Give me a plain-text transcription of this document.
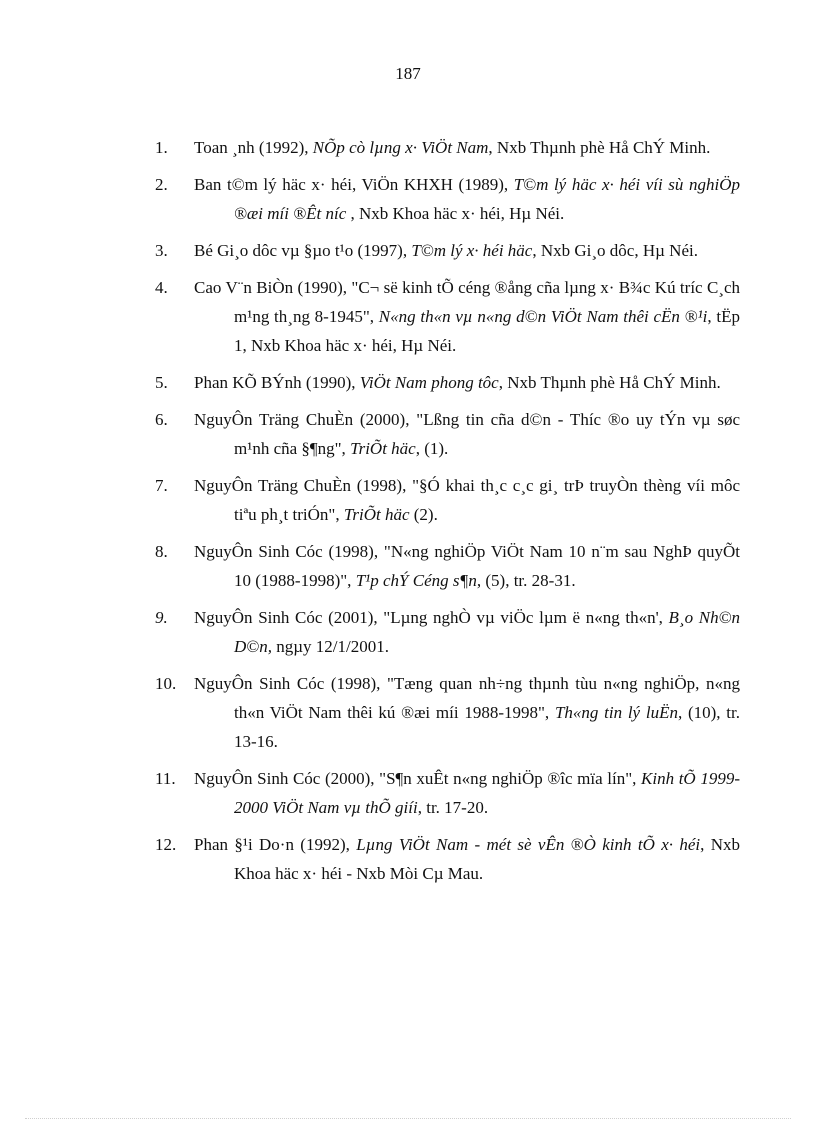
187
1. Toan ¸nh (1992), NÕp cò lµng x· ViÖt Nam, Nxb Thµnh phè Hå ChÝ Minh.
2. Ban t©m lý häc x· héi, ViÖn KHXH (1989), T©m lý häc x· héi víi sù nghiÖp ®æi míi ®Êt níc , Nxb Khoa häc x· héi, Hµ Néi.
3. Bé Gi¸o dôc vµ §µo t¹o (1997), T©m lý x· héi häc, Nxb Gi¸o dôc, Hµ Néi.
4. Cao V¨n BiÒn (1990), "C¬ së kinh tÕ céng ®ång cña lµng x· B¾c Kú tríc C¸ch m¹ng th¸ng 8-1945", N«ng th«n vµ n«ng d©n ViÖt Nam thêi cËn ®¹i, tËp 1, Nxb Khoa häc x· héi, Hµ Néi.
5. Phan KÕ BÝnh (1990), ViÖt Nam phong tôc, Nxb Thµnh phè Hå ChÝ Minh.
6. NguyÔn Träng ChuÈn (2000), "Lßng tin cña d©n - Thíc ®o uy tÝn vµ søc m¹nh cña §¶ng", TriÕt häc, (1).
7. NguyÔn Träng ChuÈn (1998), "§Ó khai th¸c c¸c gi¸ trÞ truyÒn thèng víi môc tiªu ph¸t triÓn", TriÕt häc (2).
8. NguyÔn Sinh Cóc (1998), "N«ng nghiÖp ViÖt Nam 10 n¨m sau NghÞ quyÕt 10 (1988-1998)", T¹p chÝ Céng s¶n, (5), tr. 28-31.
9. NguyÔn Sinh Cóc (2001), "Lµng nghÒ vµ viÖc lµm ë n«ng th«n', B¸o Nh©n D©n, ngµy 12/1/2001.
10. NguyÔn Sinh Cóc (1998), "Tæng quan nh÷ng thµnh tùu n«ng nghiÖp, n«ng th«n ViÖt Nam thêi kú ®æi míi 1988-1998", Th«ng tin lý luËn, (10), tr. 13-16.
11. NguyÔn Sinh Cóc (2000), "S¶n xuÊt n«ng nghiÖp ®îc mïa lín", Kinh tÕ 1999-2000 ViÖt Nam vµ thÕ giíi, tr. 17-20.
12. Phan §¹i Do·n (1992), Lµng ViÖt Nam - mét sè vÊn ®Ò kinh tÕ x· héi, Nxb Khoa häc x· héi - Nxb Mòi Cµ Mau.
